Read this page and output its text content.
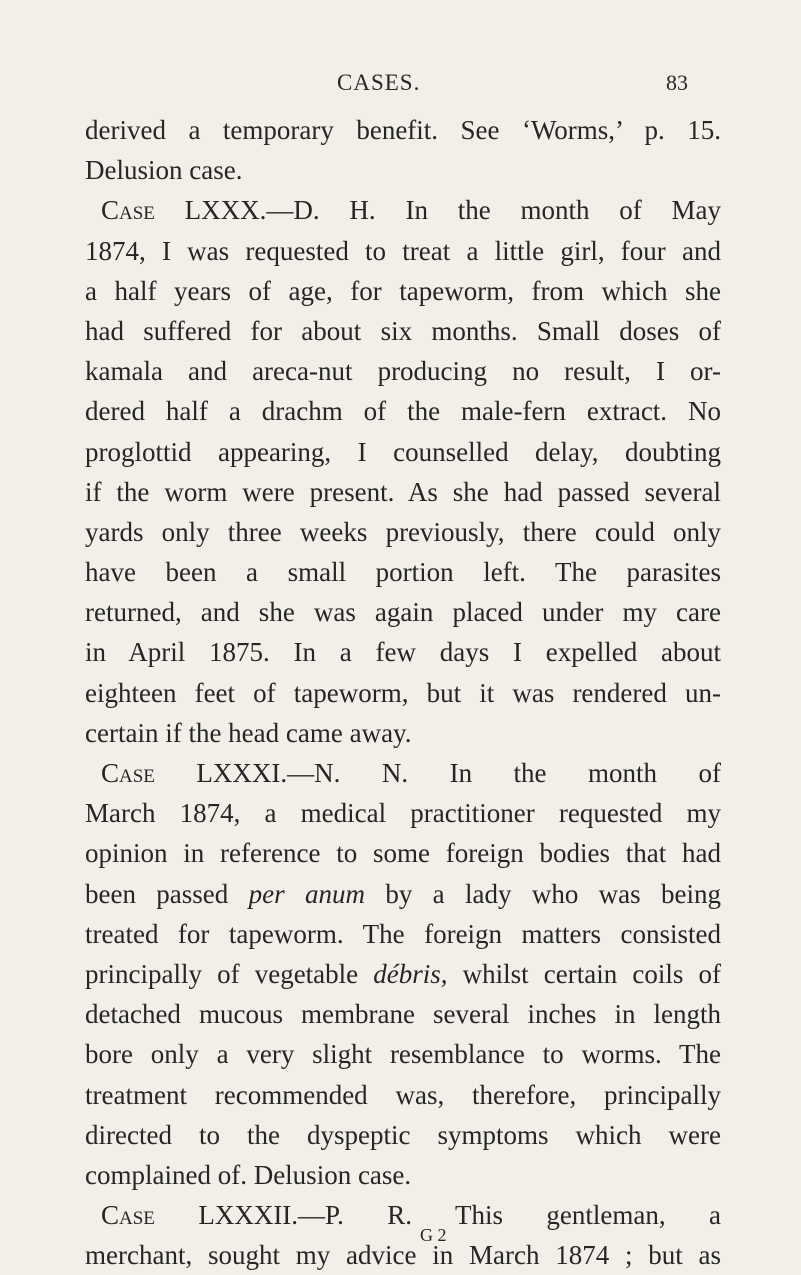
CASES.	83
derived a temporary benefit. See ‘Worms,’ p. 15.
Delusion case.
Case LXXX.—D. H. In the month of May
1874, I was requested to treat a little girl, four and
a half years of age, for tapeworm, from which she
had suffered for about six months. Small doses of
kamala and areca-nut producing no result, I or-
dered half a drachm of the male-fern extract. No
proglottid appearing, I counselled delay, doubting
if the worm were present. As she had passed several
yards only three weeks previously, there could only
have been a small portion left. The parasites
returned, and she was again placed under my care
in April 1875. In a few days I expelled about
eighteen feet of tapeworm, but it was rendered un-
certain if the head came away.
Case LXXXI.—N. N. In the month of
March 1874, a medical practitioner requested my
opinion in reference to some foreign bodies that had
been passed per anum by a lady who was being
treated for tapeworm. The foreign matters consisted
principally of vegetable débris, whilst certain coils of
detached mucous membrane several inches in length
bore only a very slight resemblance to worms. The
treatment recommended was, therefore, principally
directed to the dyspeptic symptoms which were
complained of. Delusion case.
Case LXXXII.—P. R. This gentleman, a
merchant, sought my advice in March 1874 ; but as
G 2
